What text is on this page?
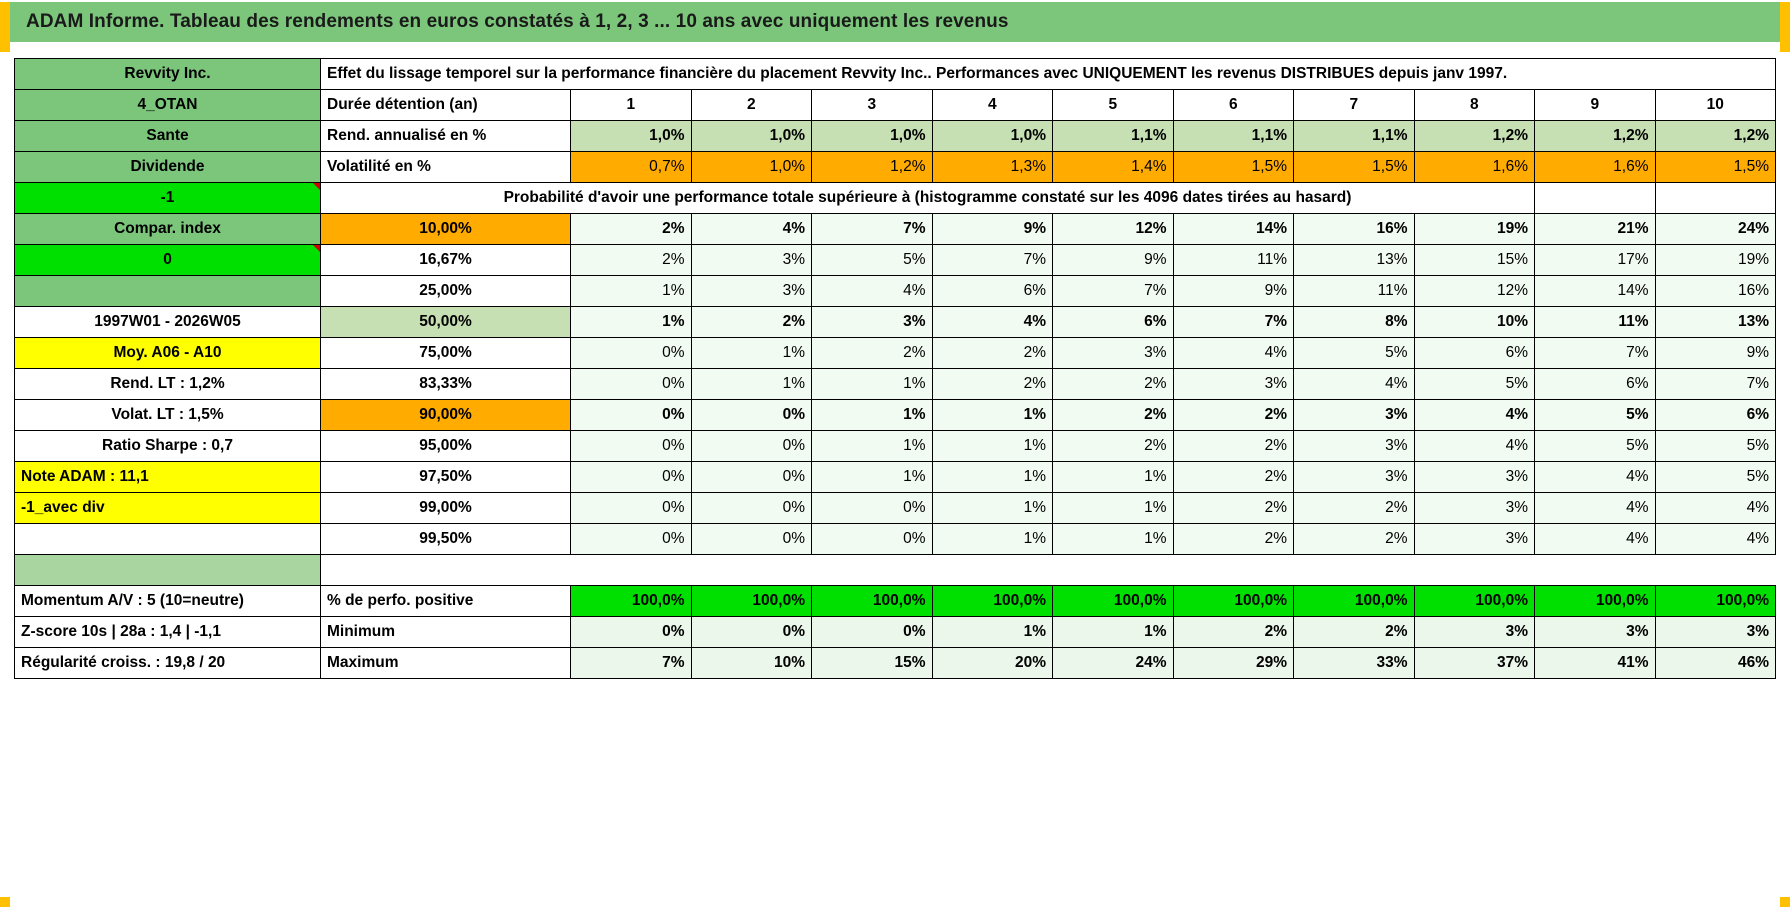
ADAM Informe. Tableau des rendements en euros constatés à 1, 2, 3 ... 10 ans avec uniquement les revenus
Revvity Inc.	Effet du lissage temporel sur la performance financière du placement Revvity Inc.. Performances avec UNIQUEMENT les revenus DISTRIBUES depuis janv 1997.										
4_OTAN	Durée détention (an)	1	2	3	4	5	6	7	8	9	10
Sante	Rend. annualisé en %	1,0%	1,0%	1,0%	1,0%	1,1%	1,1%	1,1%	1,2%	1,2%	1,2%
Dividende	Volatilité en %	0,7%	1,0%	1,2%	1,3%	1,4%	1,5%	1,5%	1,6%	1,6%	1,5%
-1	Probabilité d'avoir une performance totale supérieure à (histogramme constaté sur les 4096 dates tirées au hasard)										
Compar. index	10,00%	2%	4%	7%	9%	12%	14%	16%	19%	21%	24%
0	16,67%	2%	3%	5%	7%	9%	11%	13%	15%	17%	19%
	25,00%	1%	3%	4%	6%	7%	9%	11%	12%	14%	16%
1997W01 - 2026W05	50,00%	1%	2%	3%	4%	6%	7%	8%	10%	11%	13%
Moy. A06 - A10	75,00%	0%	1%	2%	2%	3%	4%	5%	6%	7%	9%
Rend. LT : 1,2%	83,33%	0%	1%	1%	2%	2%	3%	4%	5%	6%	7%
Volat. LT : 1,5%	90,00%	0%	0%	1%	1%	2%	2%	3%	4%	5%	6%
Ratio Sharpe : 0,7	95,00%	0%	0%	1%	1%	2%	2%	3%	4%	5%	5%
Note ADAM : 11,1	97,50%	0%	0%	1%	1%	1%	2%	3%	3%	4%	5%
-1_avec div	99,00%	0%	0%	0%	1%	1%	2%	2%	3%	4%	4%
	99,50%	0%	0%	0%	1%	1%	2%	2%	3%	4%	4%

Momentum A/V : 5 (10=neutre)	% de perfo. positive	100,0%	100,0%	100,0%	100,0%	100,0%	100,0%	100,0%	100,0%	100,0%	100,0%
Z-score 10s | 28a : 1,4 | -1,1	Minimum	0%	0%	0%	1%	1%	2%	2%	3%	3%	3%
Régularité croiss. : 19,8 / 20	Maximum	7%	10%	15%	20%	24%	29%	33%	37%	41%	46%
